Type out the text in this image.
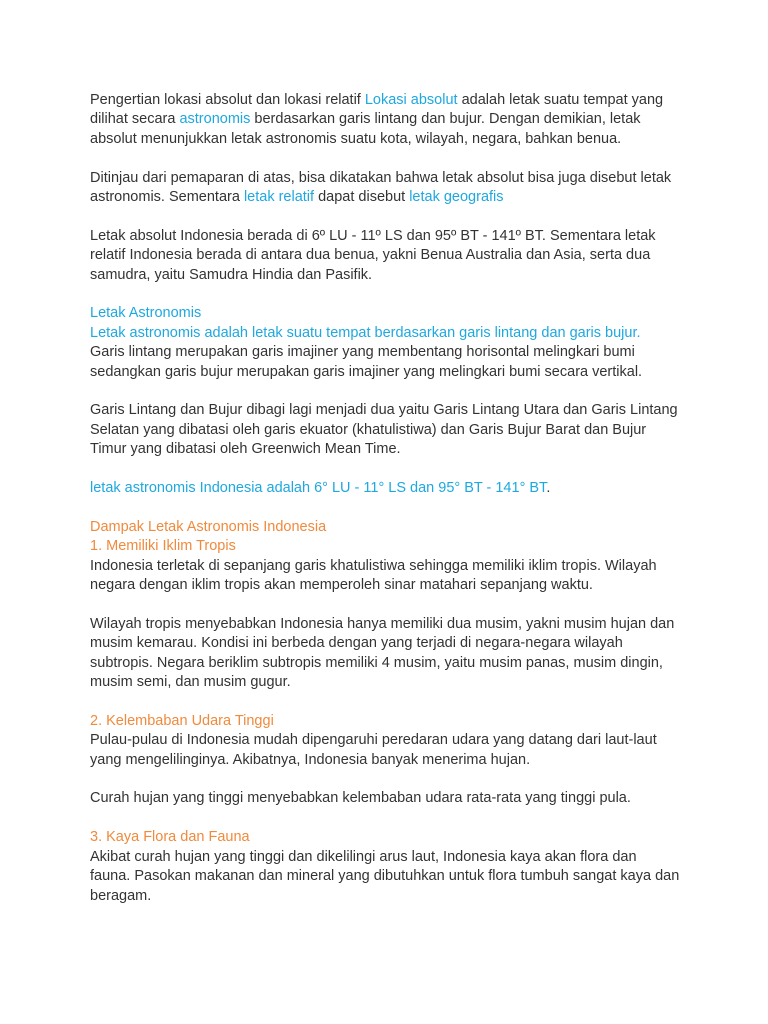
Pengertian lokasi absolut dan lokasi relatif Lokasi absolut adalah letak suatu tempat yang dilihat secara astronomis berdasarkan garis lintang dan bujur. Dengan demikian, letak absolut menunjukkan letak astronomis suatu kota, wilayah, negara, bahkan benua.

Ditinjau dari pemaparan di atas, bisa dikatakan bahwa letak absolut bisa juga disebut letak astronomis. Sementara letak relatif dapat disebut letak geografis

Letak absolut Indonesia berada di 6º LU - 11º LS dan 95º BT - 141º BT. Sementara letak relatif Indonesia berada di antara dua benua, yakni Benua Australia dan Asia, serta dua samudra, yaitu Samudra Hindia dan Pasifik.

Letak Astronomis
Letak astronomis adalah letak suatu tempat berdasarkan garis lintang dan garis bujur.

Garis lintang merupakan garis imajiner yang membentang horisontal melingkari bumi sedangkan garis bujur merupakan garis imajiner yang melingkari bumi secara vertikal.

Garis Lintang dan Bujur dibagi lagi menjadi dua yaitu Garis Lintang Utara dan Garis Lintang Selatan yang dibatasi oleh garis ekuator (khatulistiwa) dan Garis Bujur Barat dan Bujur Timur yang dibatasi oleh Greenwich Mean Time.

letak astronomis Indonesia adalah 6° LU - 11° LS dan 95° BT - 141° BT.

Dampak Letak Astronomis Indonesia
1. Memiliki Iklim Tropis

Indonesia terletak di sepanjang garis khatulistiwa sehingga memiliki iklim tropis. Wilayah negara dengan iklim tropis akan memperoleh sinar matahari sepanjang waktu.

Wilayah tropis menyebabkan Indonesia hanya memiliki dua musim, yakni musim hujan dan musim kemarau. Kondisi ini berbeda dengan yang terjadi di negara-negara wilayah subtropis. Negara beriklim subtropis memiliki 4 musim, yaitu musim panas, musim dingin, musim semi, dan musim gugur.

2. Kelembaban Udara Tinggi

Pulau-pulau di Indonesia mudah dipengaruhi peredaran udara yang datang dari laut-laut yang mengelilinginya. Akibatnya, Indonesia banyak menerima hujan.

Curah hujan yang tinggi menyebabkan kelembaban udara rata-rata yang tinggi pula.

3. Kaya Flora dan Fauna

Akibat curah hujan yang tinggi dan dikelilingi arus laut, Indonesia kaya akan flora dan fauna. Pasokan makanan dan mineral yang dibutuhkan untuk flora tumbuh sangat kaya dan beragam.
